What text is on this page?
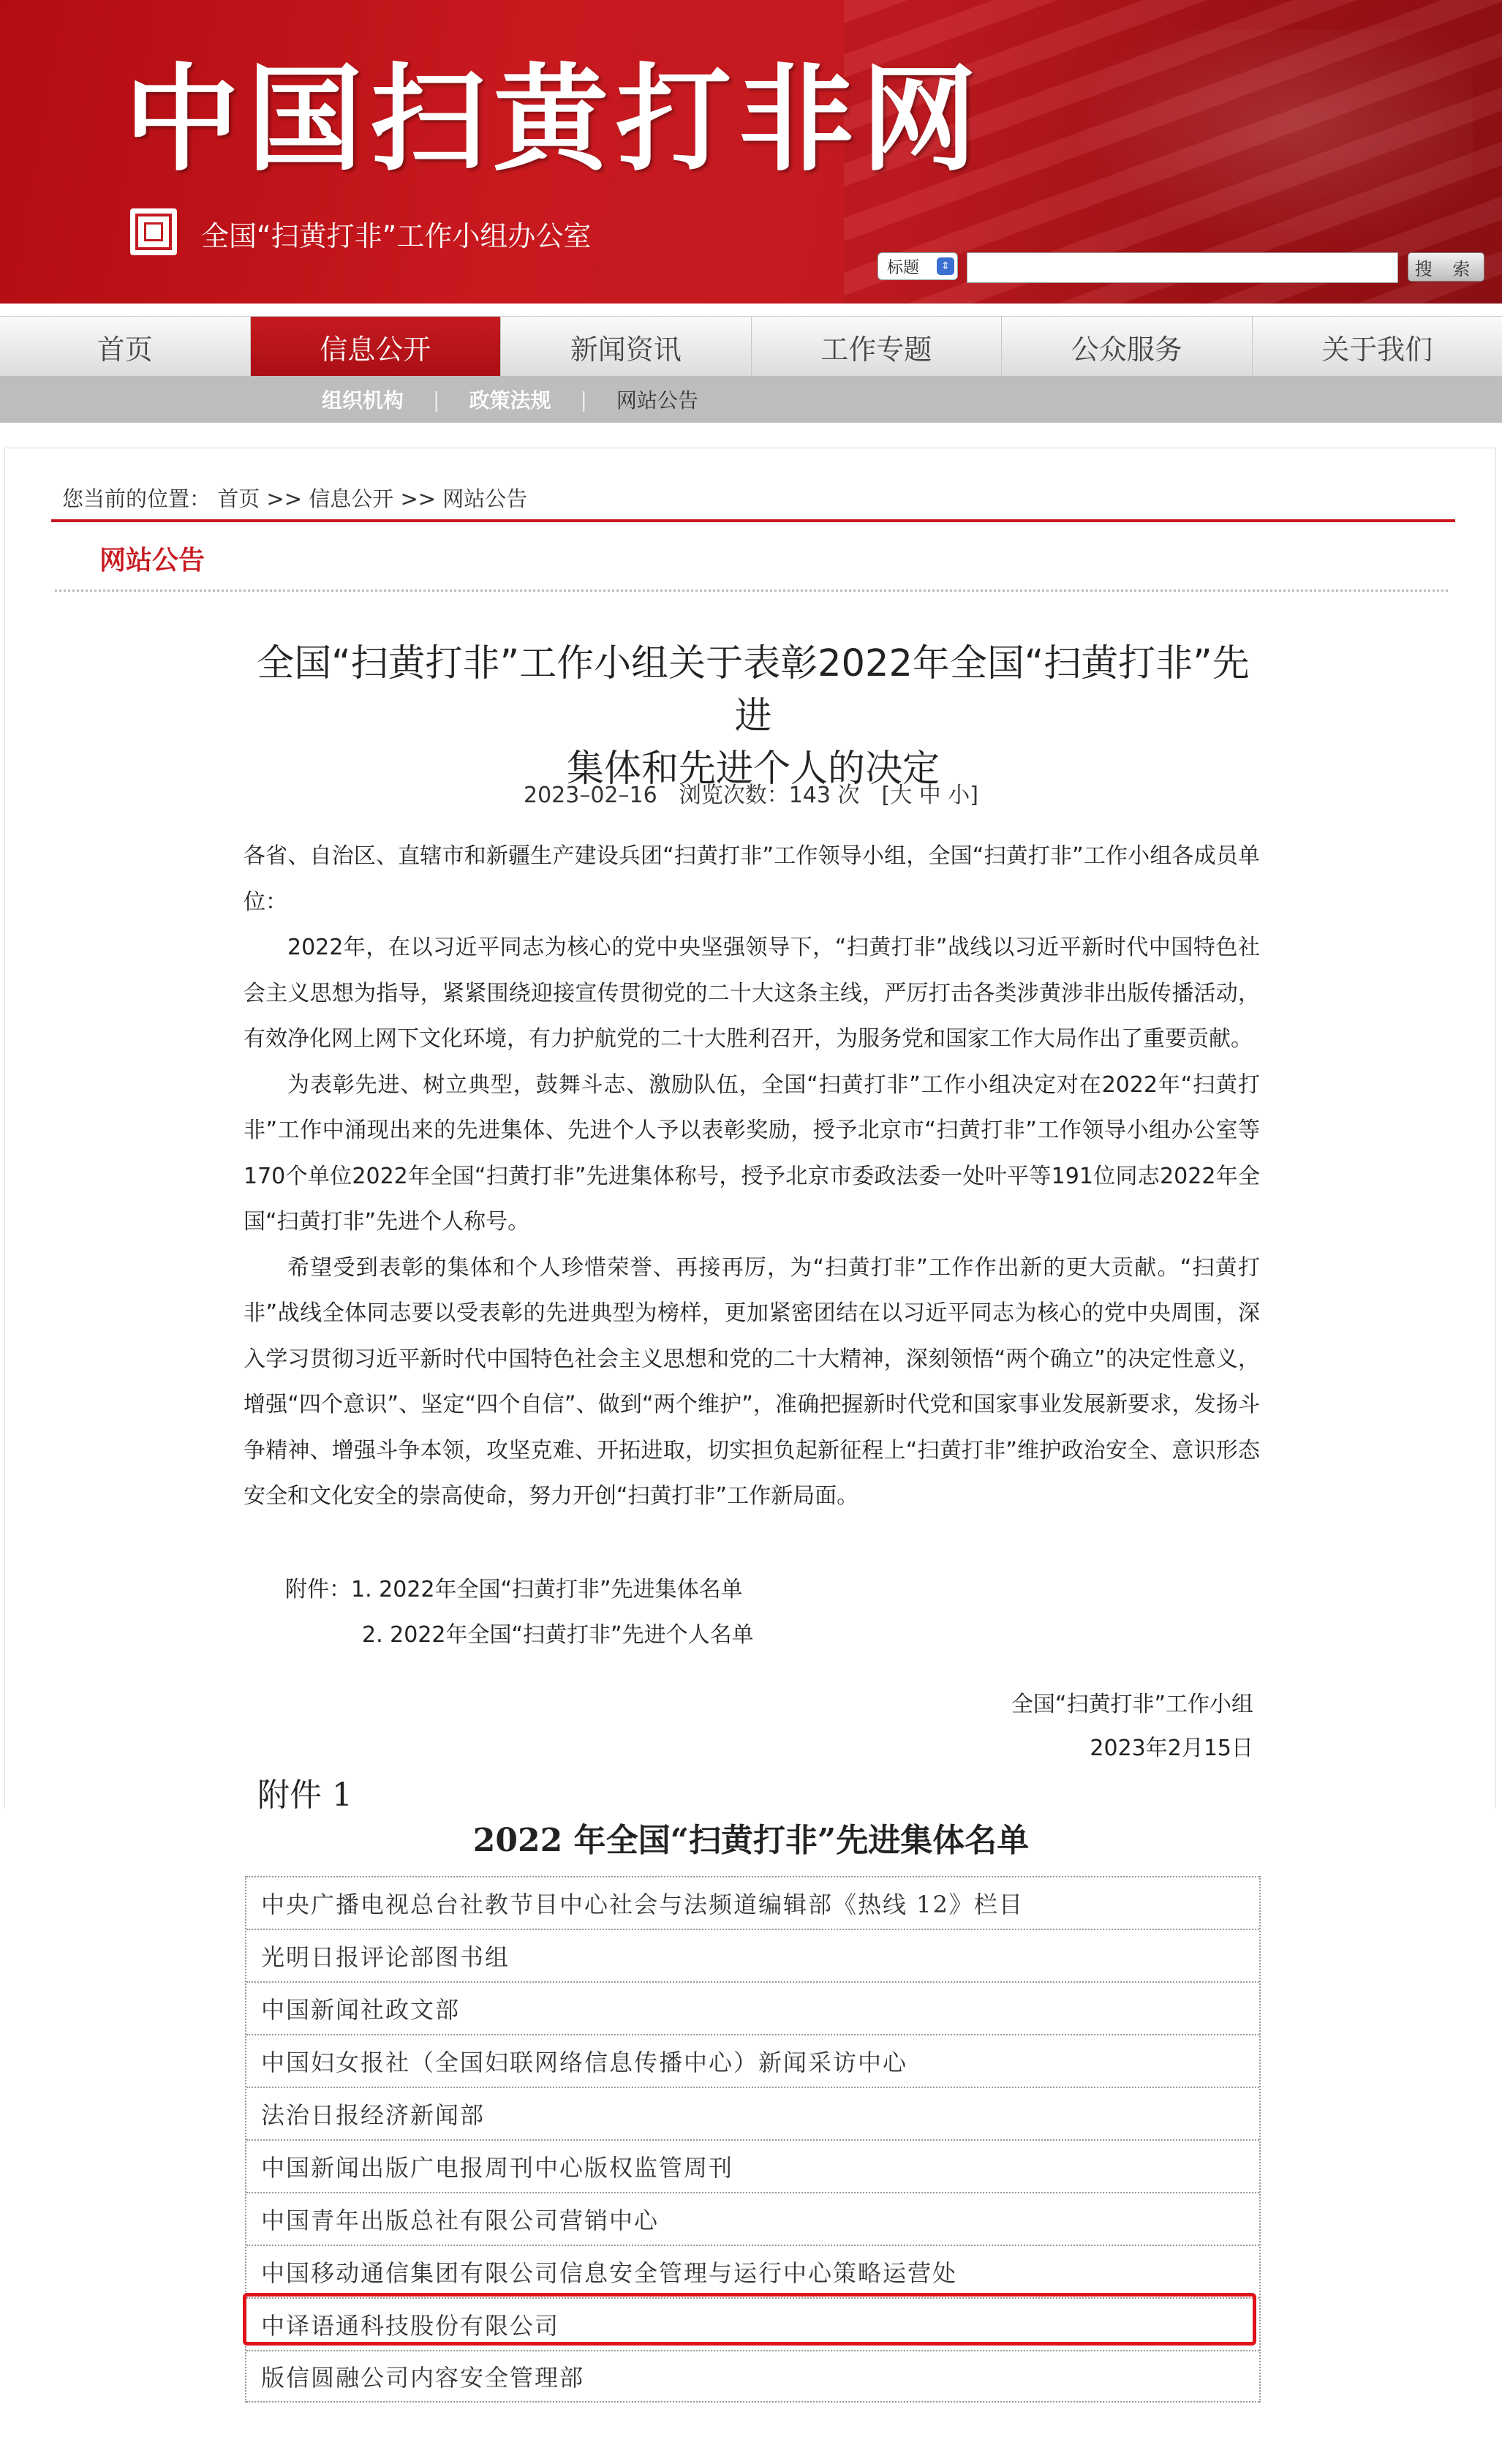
中国扫黄打非网
全国“扫黄打非”工作小组办公室
标题	⇕	搜 索
首页	信息公开	新闻资讯	工作专题	公众服务	关于我们
组织机构	|	政策法规	|	网站公告
您当前的位置： 首页 >> 信息公开 >> 网站公告
网站公告
全国“扫黄打非”工作小组关于表彰2022年全国“扫黄打非”先进
集体和先进个人的决定
2023–02–16　浏览次数：143 次　[大 中 小]

各省、自治区、直辖市和新疆生产建设兵团“扫黄打非”工作领导小组，全国“扫黄打非”工作小组各成员单位：

2022年，在以习近平同志为核心的党中央坚强领导下，“扫黄打非”战线以习近平新时代中国特色社会主义思想为指导，紧紧围绕迎接宣传贯彻党的二十大这条主线，严厉打击各类涉黄涉非出版传播活动，有效净化网上网下文化环境，有力护航党的二十大胜利召开，为服务党和国家工作大局作出了重要贡献。

为表彰先进、树立典型，鼓舞斗志、激励队伍，全国“扫黄打非”工作小组决定对在2022年“扫黄打非”工作中涌现出来的先进集体、先进个人予以表彰奖励，授予北京市“扫黄打非”工作领导小组办公室等170个单位2022年全国“扫黄打非”先进集体称号，授予北京市委政法委一处叶平等191位同志2022年全国“扫黄打非”先进个人称号。

希望受到表彰的集体和个人珍惜荣誉、再接再厉，为“扫黄打非”工作作出新的更大贡献。“扫黄打非”战线全体同志要以受表彰的先进典型为榜样，更加紧密团结在以习近平同志为核心的党中央周围，深入学习贯彻习近平新时代中国特色社会主义思想和党的二十大精神，深刻领悟“两个确立”的决定性意义，增强“四个意识”、坚定“四个自信”、做到“两个维护”，准确把握新时代党和国家事业发展新要求，发扬斗争精神、增强斗争本领，攻坚克难、开拓进取，切实担负起新征程上“扫黄打非”维护政治安全、意识形态安全和文化安全的崇高使命，努力开创“扫黄打非”工作新局面。

附件：1. 2022年全国“扫黄打非”先进集体名单
2. 2022年全国“扫黄打非”先进个人名单
全国“扫黄打非”工作小组
2023年2月15日
附件 1
2022 年全国“扫黄打非”先进集体名单
中央广播电视总台社教节目中心社会与法频道编辑部《热线 12》栏目
光明日报评论部图书组
中国新闻社政文部
中国妇女报社（全国妇联网络信息传播中心）新闻采访中心
法治日报经济新闻部
中国新闻出版广电报周刊中心版权监管周刊
中国青年出版总社有限公司营销中心
中国移动通信集团有限公司信息安全管理与运行中心策略运营处
中译语通科技股份有限公司
版信圆融公司内容安全管理部
